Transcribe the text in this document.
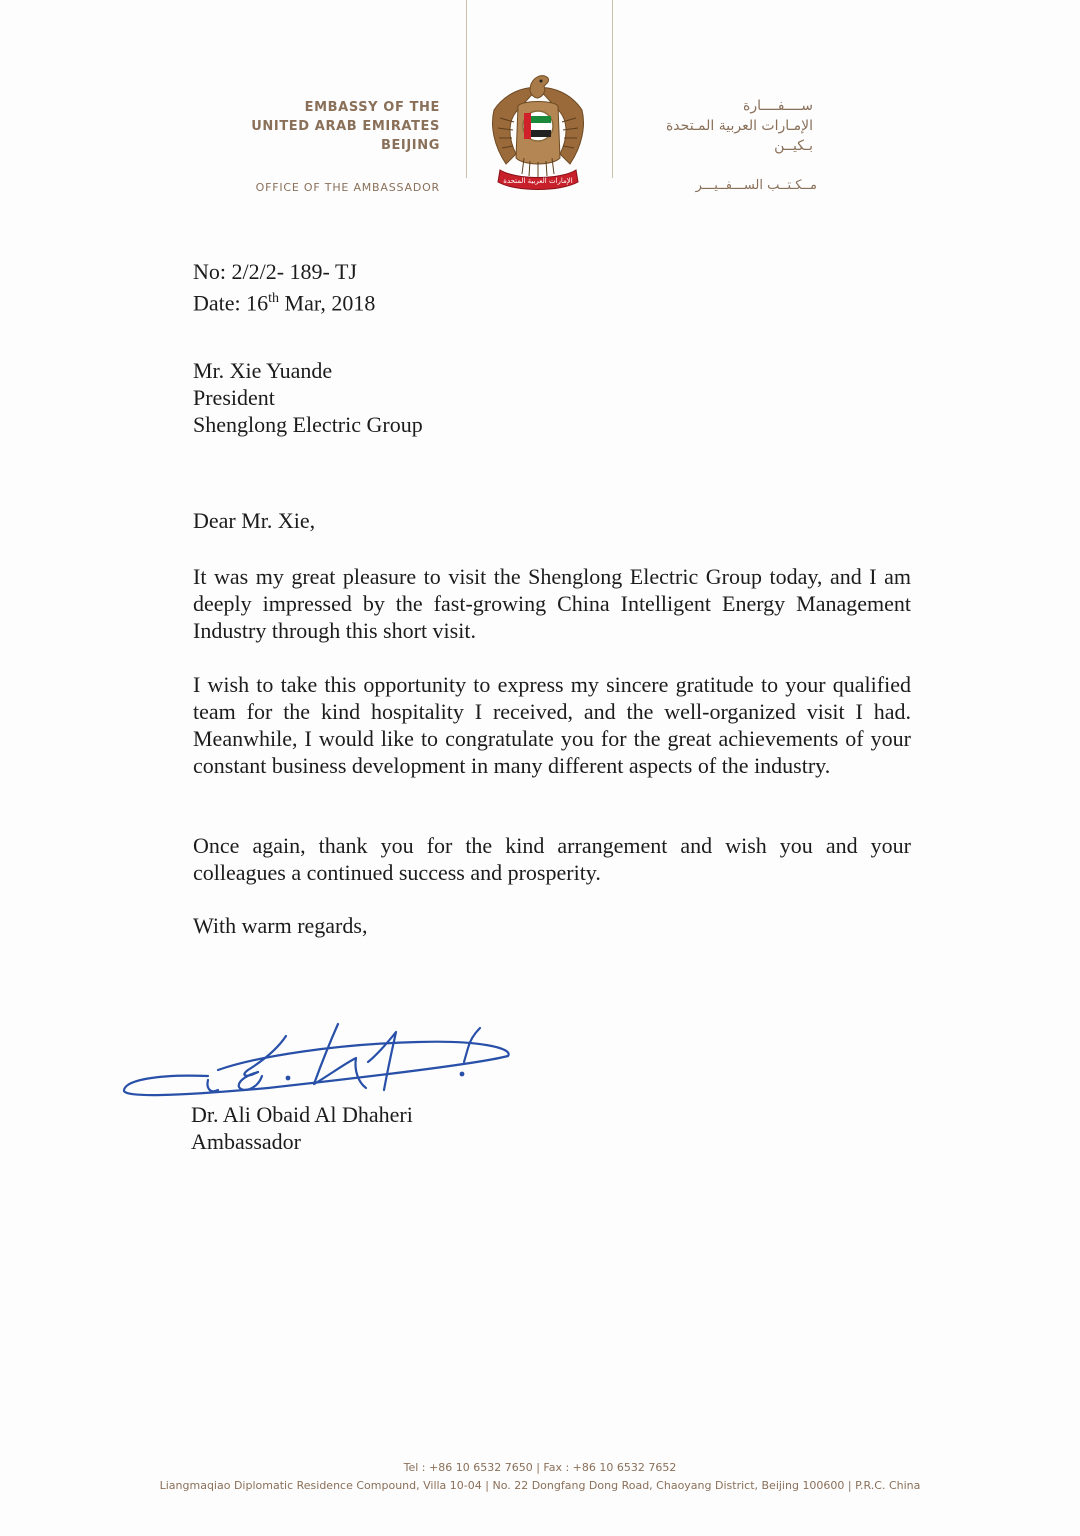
EMBASSY OF THE
UNITED ARAB EMIRATES
BEIJING
OFFICE OF THE AMBASSADOR
ســــفــــارة
الإمـارات العربية المـتحدة
بـكيــن
مــكـتــب الســـفــيـــر
الإمارات العربية المتحدة
No: 2/2/2- 189- TJ
Date: 16th Mar, 2018
Mr. Xie Yuande
President
Shenglong Electric Group
Dear Mr. Xie,

It was my great pleasure to visit the Shenglong Electric Group today, and I am deeply impressed by the fast-growing China Intelligent Energy Management Industry through this short visit.

I wish to take this opportunity to express my sincere gratitude to your qualified team for the kind hospitality I received, and the well-organized visit I had. Meanwhile, I would like to congratulate you for the great achievements of your constant business development in many different aspects of the industry.

Once again, thank you for the kind arrangement and wish you and your colleagues a continued success and prosperity.

With warm regards,
Dr. Ali Obaid Al Dhaheri
Ambassador
Tel : +86 10 6532 7650 | Fax : +86 10 6532 7652
Liangmaqiao Diplomatic Residence Compound, Villa 10-04 | No. 22 Dongfang Dong Road, Chaoyang District, Beijing 100600 | P.R.C. China
